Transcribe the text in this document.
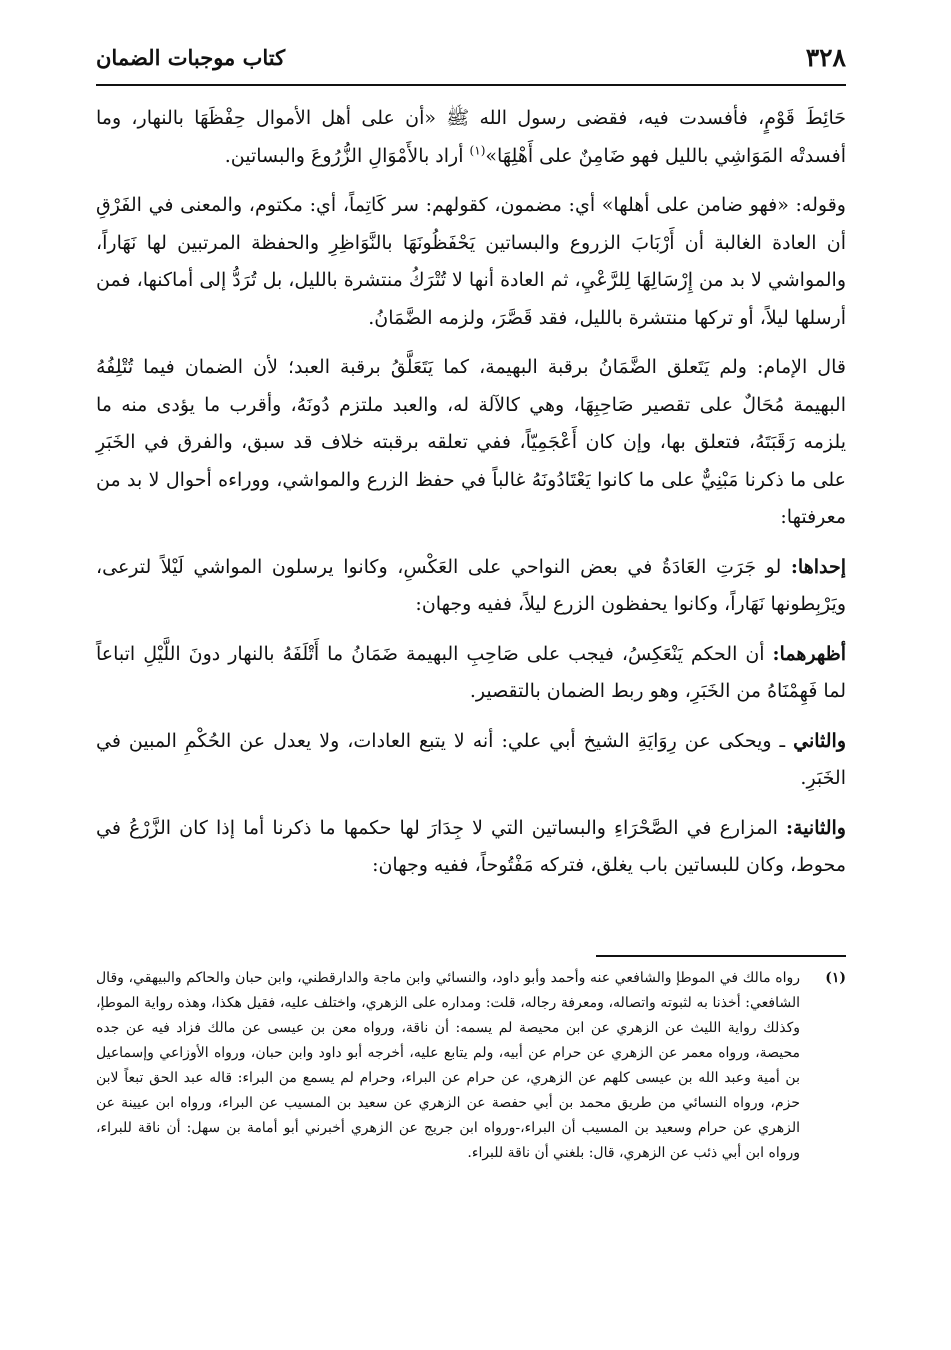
٣٢٨
كتاب موجبات الضمان

حَائِطَ قَوْمٍ، فأفسدت فيه، فقضى رسول الله ﷺ «أن على أهل الأموال حِفْظَهَا بالنهار، وما أفسدتْه المَوَاشِي بالليل فهو ضَامِنٌ على أَهْلِهَا»$^{(١)}$ أراد بالأَمْوَالِ الزُّرُوعَ والبساتين.

وقوله: «فهو ضامن على أهلها» أي: مضمون، كقولهم: سر كَاتِماً، أي: مكتوم، والمعنى في الفَرْقِ أن العادة الغالبة أن أَرْبَابَ الزروع والبساتين يَحْفَظُونَهَا بالنَّوَاظِرِ والحفظة المرتبين لها نَهَاراً، والمواشي لا بد من إِرْسَالِهَا لِلرَّعْيِ، ثم العادة أنها لا تُتْرَكُ منتشرة بالليل، بل تُرَدُّ إلى أماكنها، فمن أرسلها ليلاً، أو تركها منتشرة بالليل، فقد قَصَّرَ، ولزمه الضَّمَانُ.

قال الإمام: ولم يَتَعلق الضَّمَانُ برقبة البهيمة، كما يَتَعَلَّقُ برقبة العبد؛ لأن الضمان فيما تُتْلِفُهُ البهيمة مُحَالٌ على تقصير صَاحِبِهَا، وهي كالآلة له، والعبد ملتزم دُونَهُ، وأقرب ما يؤدى منه ما يلزمه رَقَبَتَهُ، فتعلق بها، وإن كان أَعْجَمِيّاً، ففي تعلقه برقبته خلاف قد سبق، والفرق في الخَبَرِ على ما ذكرنا مَبْنِيٌّ على ما كانوا يَعْتَادُونَهُ غالباً في حفظ الزرع والمواشي، ووراءه أحوال لا بد من معرفتها:

إحداها: لو جَرَتِ العَادَةُ في بعض النواحي على العَكْسِ، وكانوا يرسلون المواشي لَيْلاً لترعى، ويَرْبِطونها نَهَاراً، وكانوا يحفظون الزرع ليلاً، ففيه وجهان:

أظهرهما: أن الحكم يَنْعَكِسُ، فيجب على صَاحِبِ البهيمة ضَمَانُ ما أَتْلَفَهُ بالنهار دونَ اللَّيْلِ اتباعاً لما فَهِمْنَاهُ من الخَبَرِ، وهو ربط الضمان بالتقصير.

والثاني ـ ويحكى عن رِوَايَةِ الشيخ أبي علي: أنه لا يتبع العادات، ولا يعدل عن الحُكْمِ المبين في الخَبَرِ.

والثانية: المزارع في الصَّحْرَاءِ والبساتين التي لا جِدَارَ لها حكمها ما ذكرنا أما إذا كان الزَّرْعُ في محوط، وكان للبساتين باب يغلق، فتركه مَفْتُوحاً، ففيه وجهان:

(١)
رواه مالك في الموطإ والشافعي عنه وأحمد وأبو داود، والنسائي وابن ماجة والدارقطني، وابن حبان والحاكم والبيهقي، وقال الشافعي: أخذنا به لثبوته واتصاله، ومعرفة رجاله، قلت: ومداره على الزهري، واختلف عليه، فقيل هكذا، وهذه رواية الموطإ، وكذلك رواية الليث عن الزهري عن ابن محيصة لم يسمه: أن ناقة، ورواه معن بن عيسى عن مالك فزاد فيه عن جده محيصة، ورواه معمر عن الزهري عن حرام عن أبيه، ولم يتابع عليه، أخرجه أبو داود وابن حبان، ورواه الأوزاعي وإسماعيل بن أمية وعبد الله بن عيسى كلهم عن الزهري، عن حرام عن البراء، وحرام لم يسمع من البراء: قاله عبد الحق تبعاً لابن حزم، ورواه النسائي من طريق محمد بن أبي حفصة عن الزهري عن سعيد بن المسيب عن البراء، ورواه ابن عيينة عن الزهري عن حرام وسعيد بن المسيب أن البراء،-ورواه ابن جريج عن الزهري أخبرني أبو أمامة بن سهل: أن ناقة للبراء، ورواه ابن أبي ذئب عن الزهري، قال: بلغني أن ناقة للبراء.
